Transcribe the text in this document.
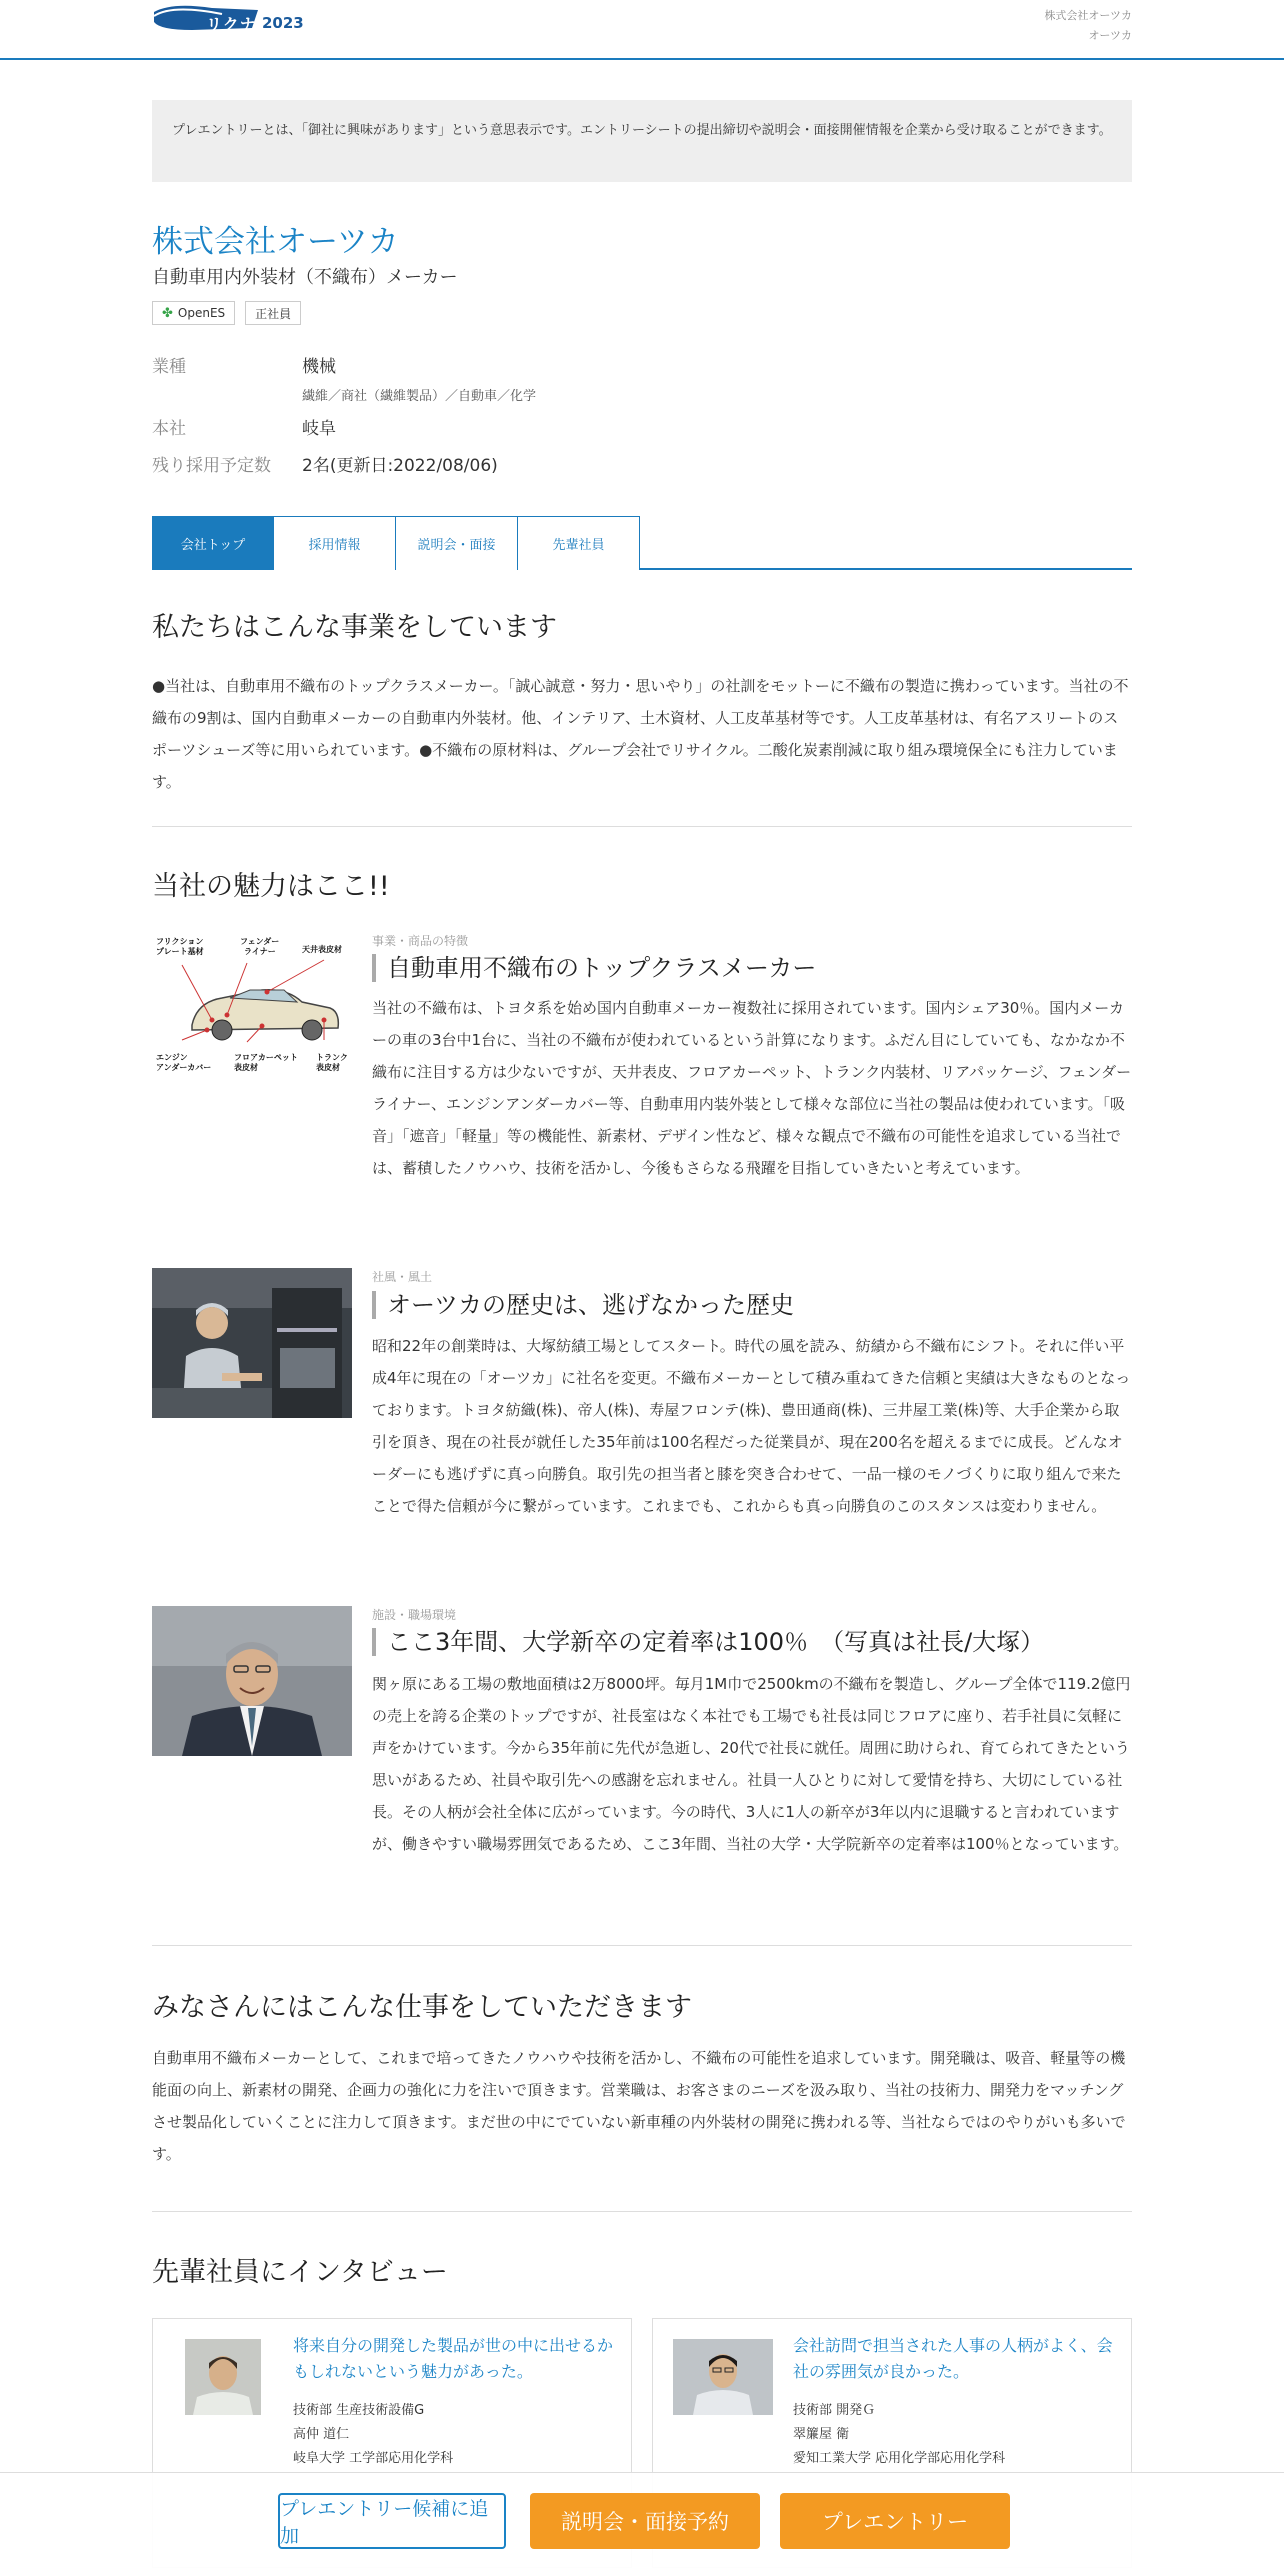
リクナビ
2023	株式会社オーツカ
オーツカ
プレエントリーとは、「御社に興味があります」という意思表示です。エントリーシートの提出締切や説明会・面接開催情報を企業から受け取ることができます。
株式会社オーツカ
自動車用内外装材（不織布）メーカー
✤ OpenES	正社員
業種	機械
繊維／商社（繊維製品）／自動車／化学
本社	岐阜
残り採用予定数	2名(更新日:2022/08/06)
会社トップ	採用情報	説明会・面接	先輩社員
私たちはこんな事業をしています
●当社は、自動車用不織布のトップクラスメーカー。「誠心誠意・努力・思いやり」の社訓をモットーに不織布の製造に携わっています。当社の不織布の9割は、国内自動車メーカーの自動車内外装材。他、インテリア、土木資材、人工皮革基材等です。人工皮革基材は、有名アスリートのスポーツシューズ等に用いられています。●不織布の原材料は、グループ会社でリサイクル。二酸化炭素削減に取り組み環境保全にも注力しています。
当社の魅力はここ!!
フリクション
プレート基材
フェンダー
ライナー	天井表皮材
エンジン
アンダーカバー
フロアカーペット
表皮材
トランク
表皮材
事業・商品の特徴
自動車用不織布のトップクラスメーカー
当社の不織布は、トヨタ系を始め国内自動車メーカー複数社に採用されています。国内シェア30％。国内メーカーの車の3台中1台に、当社の不織布が使われているという計算になります。ふだん目にしていても、なかなか不織布に注目する方は少ないですが、天井表皮、フロアカーペット、トランク内装材、リアパッケージ、フェンダーライナー、エンジンアンダーカバー等、自動車用内装外装として様々な部位に当社の製品は使われています。「吸音」「遮音」「軽量」等の機能性、新素材、デザイン性など、様々な観点で不織布の可能性を追求している当社では、蓄積したノウハウ、技術を活かし、今後もさらなる飛躍を目指していきたいと考えています。
社風・風土
オーツカの歴史は、逃げなかった歴史
昭和22年の創業時は、大塚紡績工場としてスタート。時代の風を読み、紡績から不織布にシフト。それに伴い平成4年に現在の「オーツカ」に社名を変更。不織布メーカーとして積み重ねてきた信頼と実績は大きなものとなっております。トヨタ紡織(株)、帝人(株)、寿屋フロンテ(株)、豊田通商(株)、三井屋工業(株)等、大手企業から取引を頂き、現在の社長が就任した35年前は100名程だった従業員が、現在200名を超えるまでに成長。どんなオーダーにも逃げずに真っ向勝負。取引先の担当者と膝を突き合わせて、一品一様のモノづくりに取り組んで来たことで得た信頼が今に繋がっています。これまでも、これからも真っ向勝負のこのスタンスは変わりません。
施設・職場環境
ここ3年間、大学新卒の定着率は100％　（写真は社長/大塚）
関ヶ原にある工場の敷地面積は2万8000坪。毎月1M巾で2500kmの不織布を製造し、グループ全体で119.2億円の売上を誇る企業のトップですが、社長室はなく本社でも工場でも社長は同じフロアに座り、若手社員に気軽に声をかけています。今から35年前に先代が急逝し、20代で社長に就任。周囲に助けられ、育てられてきたという思いがあるため、社員や取引先への感謝を忘れません。社員一人ひとりに対して愛情を持ち、大切にしている社長。その人柄が会社全体に広がっています。今の時代、3人に1人の新卒が3年以内に退職すると言われていますが、働きやすい職場雰囲気であるため、ここ3年間、当社の大学・大学院新卒の定着率は100％となっています。
みなさんにはこんな仕事をしていただきます
自動車用不織布メーカーとして、これまで培ってきたノウハウや技術を活かし、不織布の可能性を追求しています。開発職は、吸音、軽量等の機能面の向上、新素材の開発、企画力の強化に力を注いで頂きます。営業職は、お客さまのニーズを汲み取り、当社の技術力、開発力をマッチングさせ製品化していくことに注力して頂きます。まだ世の中にでていない新車種の内外装材の開発に携われる等、当社ならではのやりがいも多いです。
先輩社員にインタビュー
将来自分の開発した製品が世の中に出せるかもしれないという魅力があった。
技術部 生産技術設備G
高仲 道仁
岐阜大学 工学部応用化学科
会社訪問で担当された人事の人柄がよく、会社の雰囲気が良かった。
技術部 開発Ｇ
翠簾屋 衛
愛知工業大学 応用化学部応用化学科
プレエントリー候補に追加
説明会・面接予約	プレエントリー
